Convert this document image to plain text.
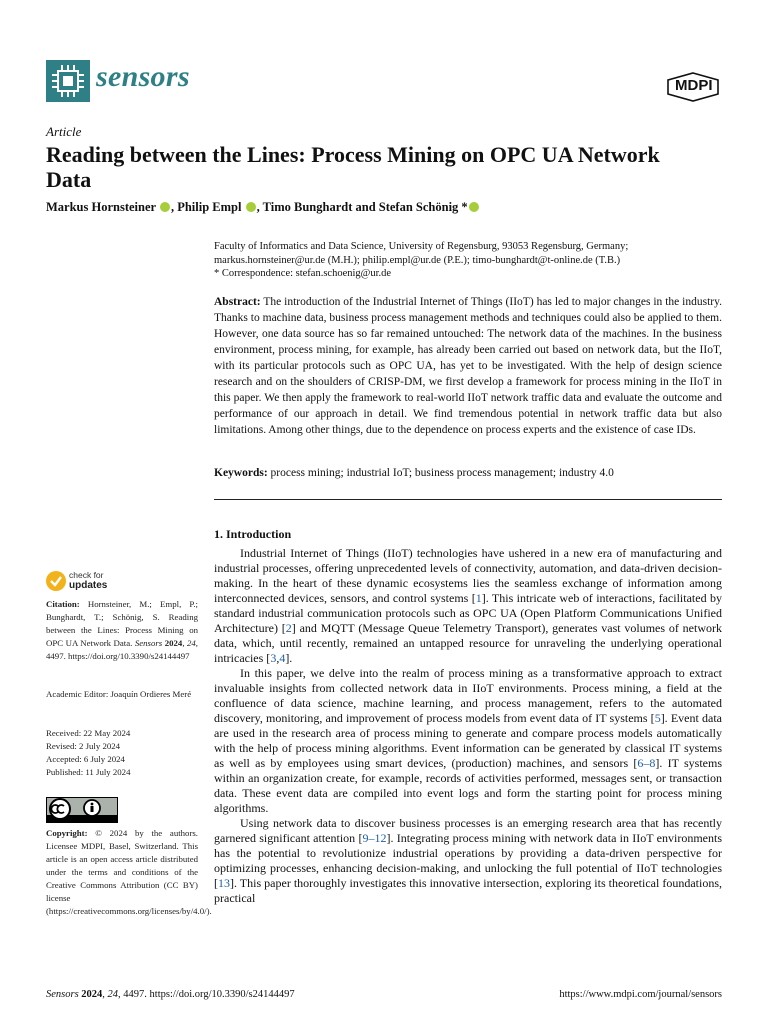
sensors	MDPI
Article
Reading between the Lines: Process Mining on OPC UA Network Data
Markus Hornsteiner , Philip Empl , Timo Bunghardt and Stefan Schönig *
Faculty of Informatics and Data Science, University of Regensburg, 93053 Regensburg, Germany;
markus.hornsteiner@ur.de (M.H.); philip.empl@ur.de (P.E.); timo-bunghardt@t-online.de (T.B.)
* Correspondence: stefan.schoenig@ur.de
Abstract: The introduction of the Industrial Internet of Things (IIoT) has led to major changes in the industry. Thanks to machine data, business process management methods and techniques could also be applied to them. However, one data source has so far remained untouched: The network data of the machines. In the business environment, process mining, for example, has already been carried out based on network data, but the IIoT, with its particular protocols such as OPC UA, has yet to be investigated. With the help of design science research and on the shoulders of CRISP-DM, we first develop a framework for process mining in the IIoT in this paper. We then apply the framework to real-world IIoT network traffic data and evaluate the outcome and performance of our approach in detail. We find tremendous potential in network traffic data but also limitations. Among other things, due to the dependence on process experts and the existence of case IDs.
Keywords: process mining; industrial IoT; business process management; industry 4.0
1. Introduction

Industrial Internet of Things (IIoT) technologies have ushered in a new era of manufacturing and industrial processes, offering unprecedented levels of connectivity, automation, and data-driven decision-making. In the heart of these dynamic ecosystems lies the seamless exchange of information among interconnected devices, sensors, and control systems [1]. This intricate web of interactions, facilitated by standard industrial communication protocols such as OPC UA (Open Platform Communications Unified Architecture) [2] and MQTT (Message Queue Telemetry Transport), generates vast volumes of network data, which, until recently, remained an untapped resource for unraveling the underlying operational intricacies [3,4].

In this paper, we delve into the realm of process mining as a transformative approach to extract invaluable insights from collected network data in IIoT environments. Process mining, a field at the confluence of data science, machine learning, and process management, refers to the automated discovery, monitoring, and improvement of process models from event data of IT systems [5]. Event data are used in the research area of process mining to generate and compare process models automatically with the help of process mining algorithms. Event information can be generated by classical IT systems as well as by employees using smart devices, (production) machines, and sensors [6–8]. IT systems within an organization create, for example, records of activities performed, messages sent, or transaction data. These event data are compiled into event logs and form the starting point for process mining algorithms.

Using network data to discover business processes is an emerging research area that has recently garnered significant attention [9–12]. Integrating process mining with network data in IIoT environments has the potential to revolutionize industrial operations by providing a data-driven perspective for optimizing processes, enhancing decision-making, and unlocking the full potential of IIoT technologies [13]. This paper thoroughly investigates this innovative intersection, exploring its theoretical foundations, practical

check for
updates
Citation: Hornsteiner, M.; Empl, P.; Bunghardt, T.; Schönig, S. Reading between the Lines: Process Mining on OPC UA Network Data. Sensors 2024, 24, 4497. https://doi.org/10.3390/s24144497
Academic Editor: Joaquín Ordieres Meré
Received: 22 May 2024
Revised: 2 July 2024
Accepted: 6 July 2024
Published: 11 July 2024
Copyright: © 2024 by the authors. Licensee MDPI, Basel, Switzerland. This article is an open access article distributed under the terms and conditions of the Creative Commons Attribution (CC BY) license (https://creativecommons.org/licenses/by/4.0/).
Sensors 2024, 24, 4497. https://doi.org/10.3390/s24144497	https://www.mdpi.com/journal/sensors
